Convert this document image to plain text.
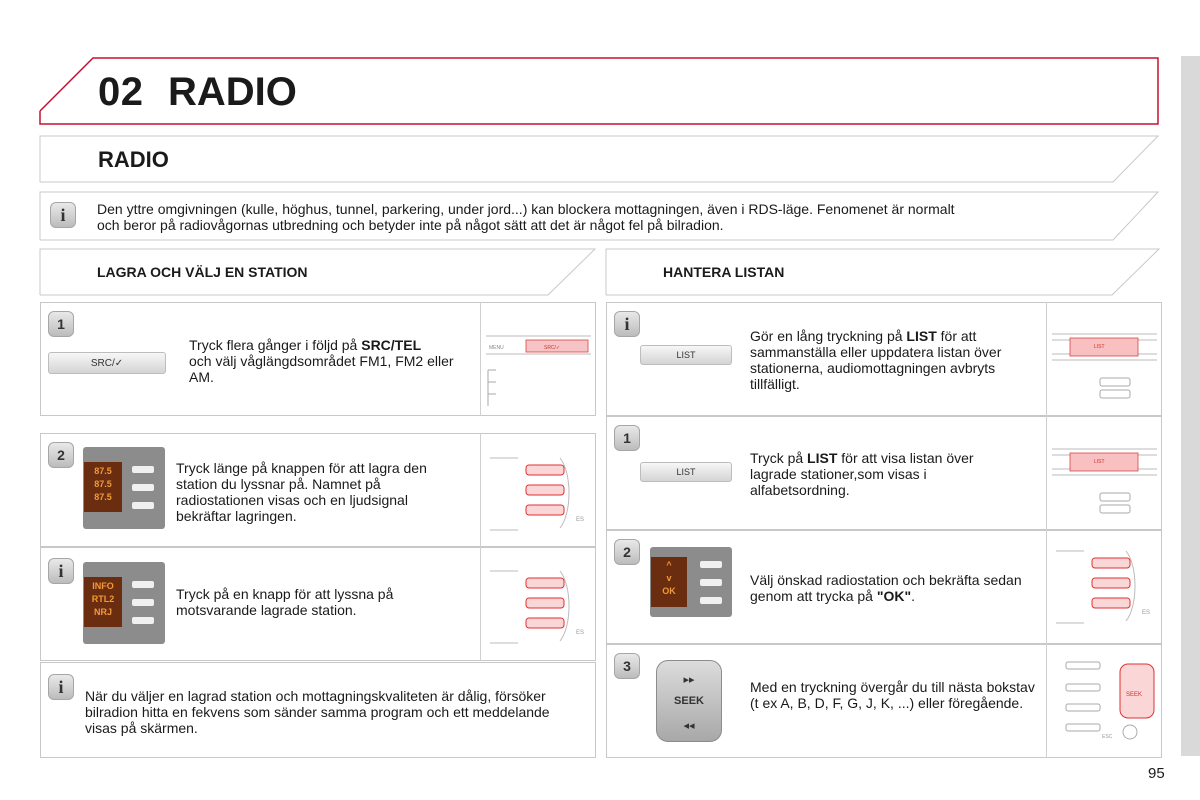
02 RADIO
RADIO
i	Den yttre omgivningen (kulle, höghus, tunnel, parkering, under jord...) kan blockera mottagningen, även i RDS-läge. Fenomenet är normalt
och beror på radiovågornas utbredning och betyder inte på något sätt att det är något fel på bilradion.
LAGRA OCH VÄLJ EN STATION	HANTERA LISTAN
1
SRC/✓
Tryck flera gånger i följd på SRC/TEL
och välj våglängdsområdet FM1, FM2 eller AM.
MENU	SRC/✓
2
87.5
87.5
87.5
Tryck länge på knappen för att lagra den station du lyssnar på. Namnet på radiostationen visas och en ljudsignal bekräftar lagringen.	ES
i
INFO
RTL2
NRJ
Tryck på en knapp för att lyssna på motsvarande lagrade station.
ES
i	När du väljer en lagrad station och mottagningskvaliteten är dålig, försöker bilradion hitta en fekvens som sänder samma program och ett meddelande visas på skärmen.
i
LIST
Gör en lång tryckning på LIST för att sammanställa eller uppdatera listan över stationerna, audiomottagningen avbryts tillfälligt.
LIST
1
LIST
Tryck på LIST för att visa listan över lagrade stationer,som visas i alfabetsordning.
LIST
2
^
v
OK
Välj önskad radiostation och bekräfta sedan genom att trycka på "OK".
ES
3
▸▸
SEEK
◂◂
Med en tryckning övergår du till nästa bokstav (t ex A, B, D, F, G, J, K, ...) eller föregående.	SEEK
ESC
95
